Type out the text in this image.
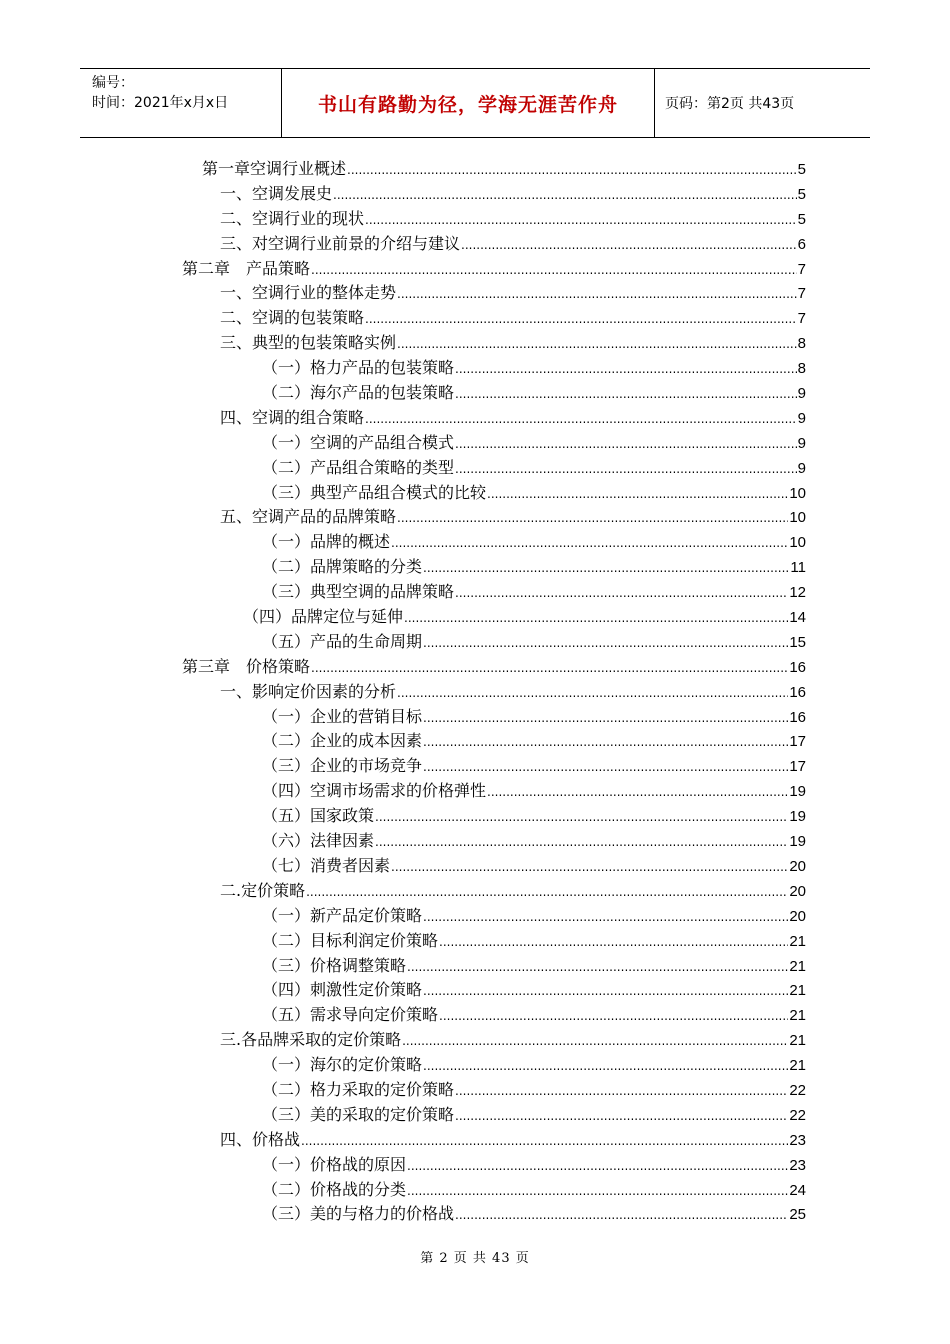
编号：
时间：2021年x月x日	书山有路勤为径，学海无涯苦作舟	页码：第2页 共43页
第一章空调行业概述 .....	5
一、空调发展史 .....	5
二、空调行业的现状 .....	5
三、对空调行业前景的介绍与建议 .....	6
第二章　产品策略 .....	7
一、空调行业的整体走势 .....	7
二、空调的包装策略 .....	7
三、典型的包装策略实例 .....	8
（一）格力产品的包装策略 .....	8
（二）海尔产品的包装策略 .....	9
四、空调的组合策略 .....	9
（一）空调的产品组合模式 .....	9
（二）产品组合策略的类型 .....	9
（三）典型产品组合模式的比较 .....	10
五、空调产品的品牌策略 .....	10
（一）品牌的概述 .....	10
（二）品牌策略的分类 .....	11
（三）典型空调的品牌策略 .....	12
（四）品牌定位与延伸 .....	14
（五）产品的生命周期 .....	15
第三章　价格策略 .....	16
一、影响定价因素的分析 .....	16
（一）企业的营销目标 .....	16
（二）企业的成本因素 .....	17
（三）企业的市场竞争 .....	17
（四）空调市场需求的价格弹性 .....	19
（五）国家政策 .....	19
（六）法律因素 .....	19
（七）消费者因素 .....	20
二.定价策略 .....	20
（一）新产品定价策略 .....	20
（二）目标利润定价策略 .....	21
（三）价格调整策略 .....	21
（四）刺激性定价策略 .....	21
（五）需求导向定价策略 .....	21
三.各品牌采取的定价策略 .....	21
（一）海尔的定价策略 .....	21
（二）格力采取的定价策略 .....	22
（三）美的采取的定价策略 .....	22
四、价格战 .....	23
（一）价格战的原因 .....	23
（二）价格战的分类 .....	24
（三）美的与格力的价格战 .....	25
第 2 页 共 43 页
